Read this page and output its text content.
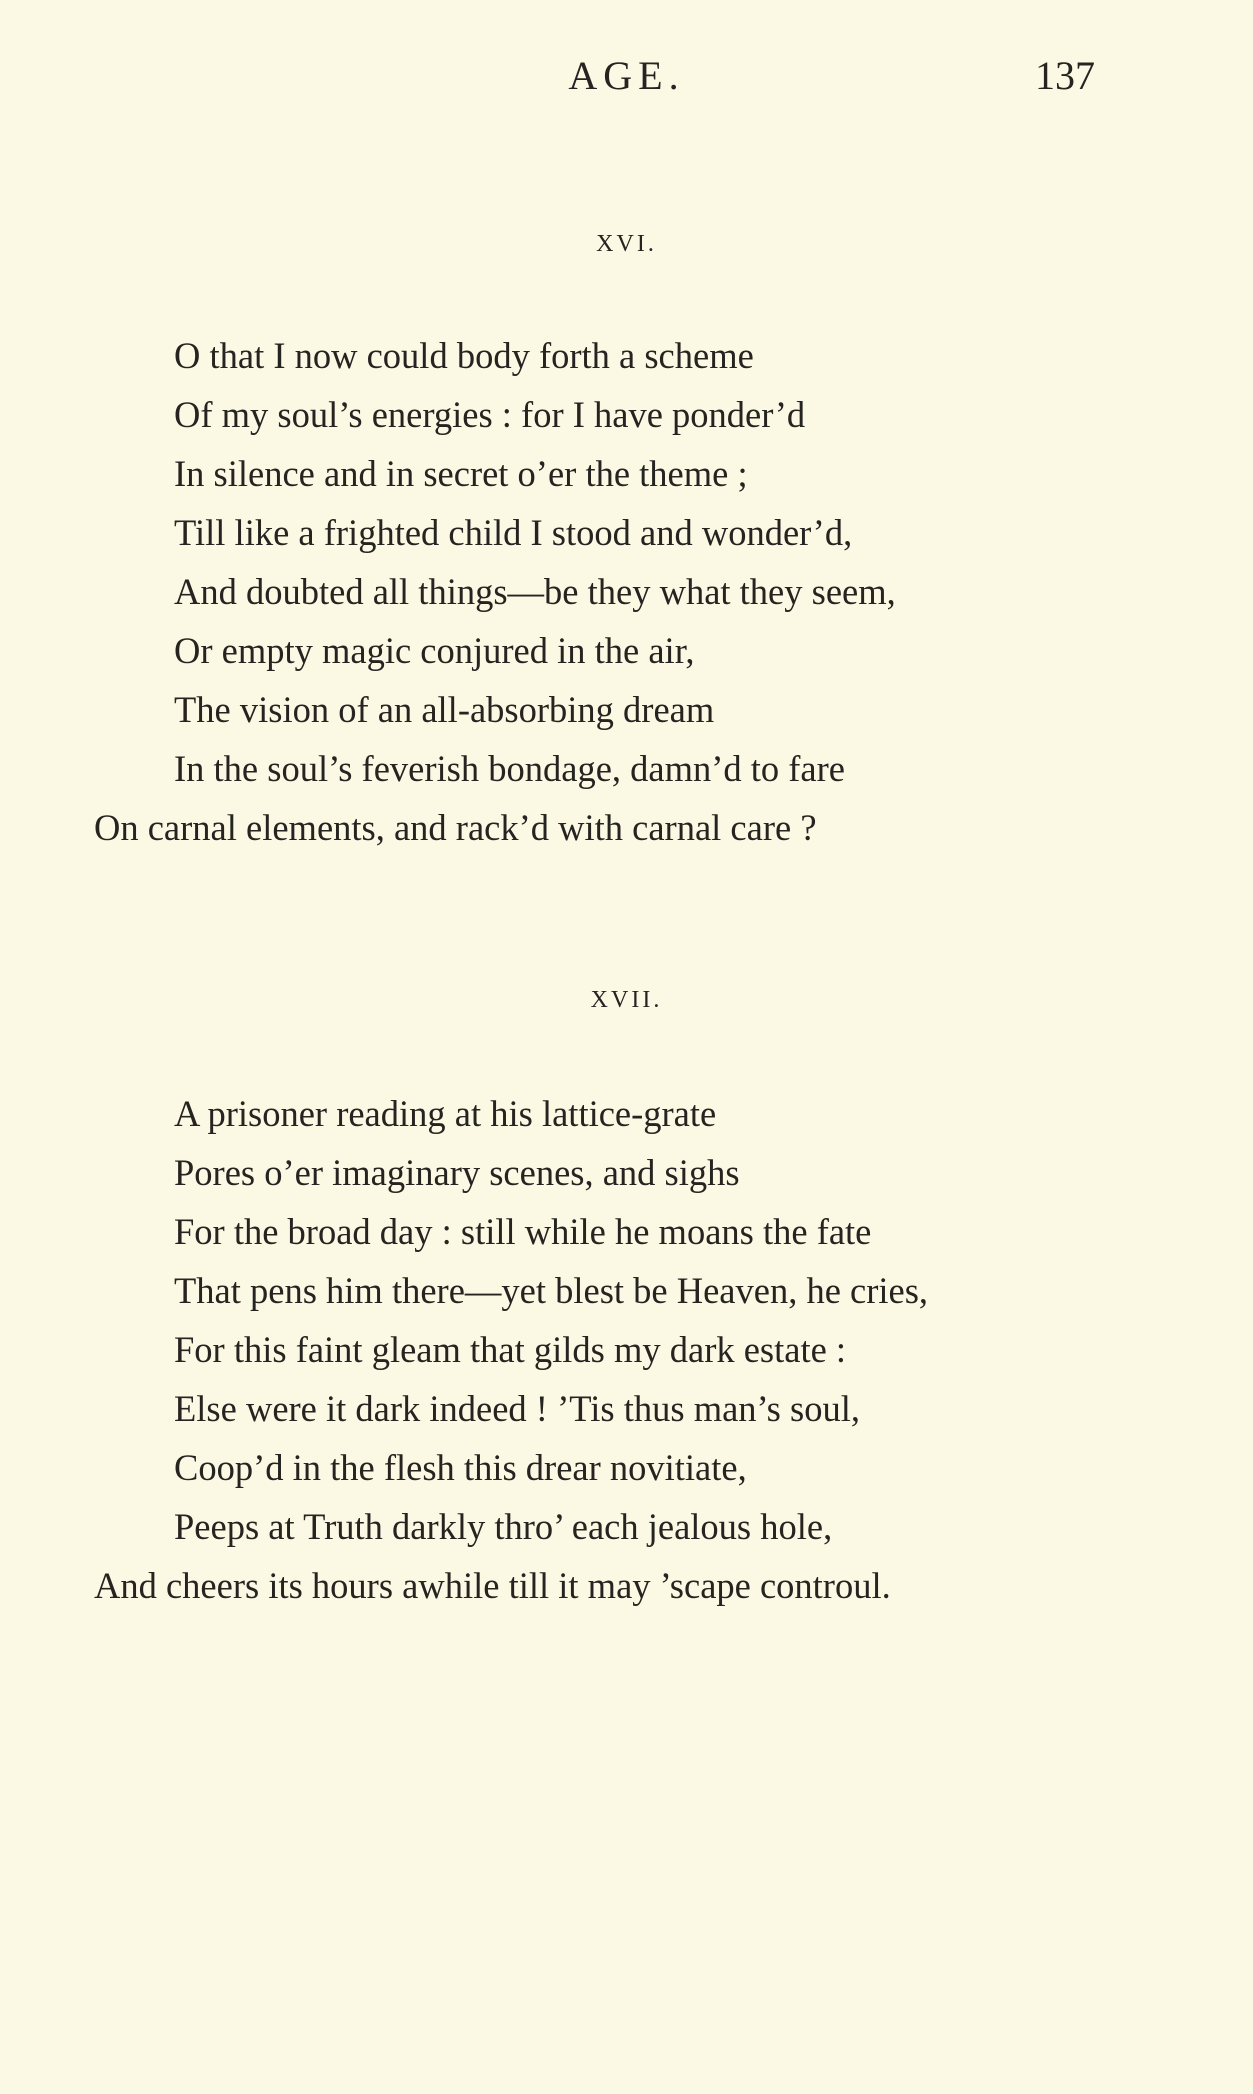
AGE.	137
XVI.
O that I now could body forth a scheme
Of my soul’s energies : for I have ponder’d
In silence and in secret o’er the theme ;
Till like a frighted child I stood and wonder’d,
And doubted all things—be they what they seem,
Or empty magic conjured in the air,
The vision of an all-absorbing dream
In the soul’s feverish bondage, damn’d to fare
On carnal elements, and rack’d with carnal care ?
XVII.
A prisoner reading at his lattice-grate
Pores o’er imaginary scenes, and sighs
For the broad day : still while he moans the fate
That pens him there—yet blest be Heaven, he cries,
For this faint gleam that gilds my dark estate :
Else were it dark indeed ! ’Tis thus man’s soul,
Coop’d in the flesh this drear novitiate,
Peeps at Truth darkly thro’ each jealous hole,
And cheers its hours awhile till it may ’scape controul.
